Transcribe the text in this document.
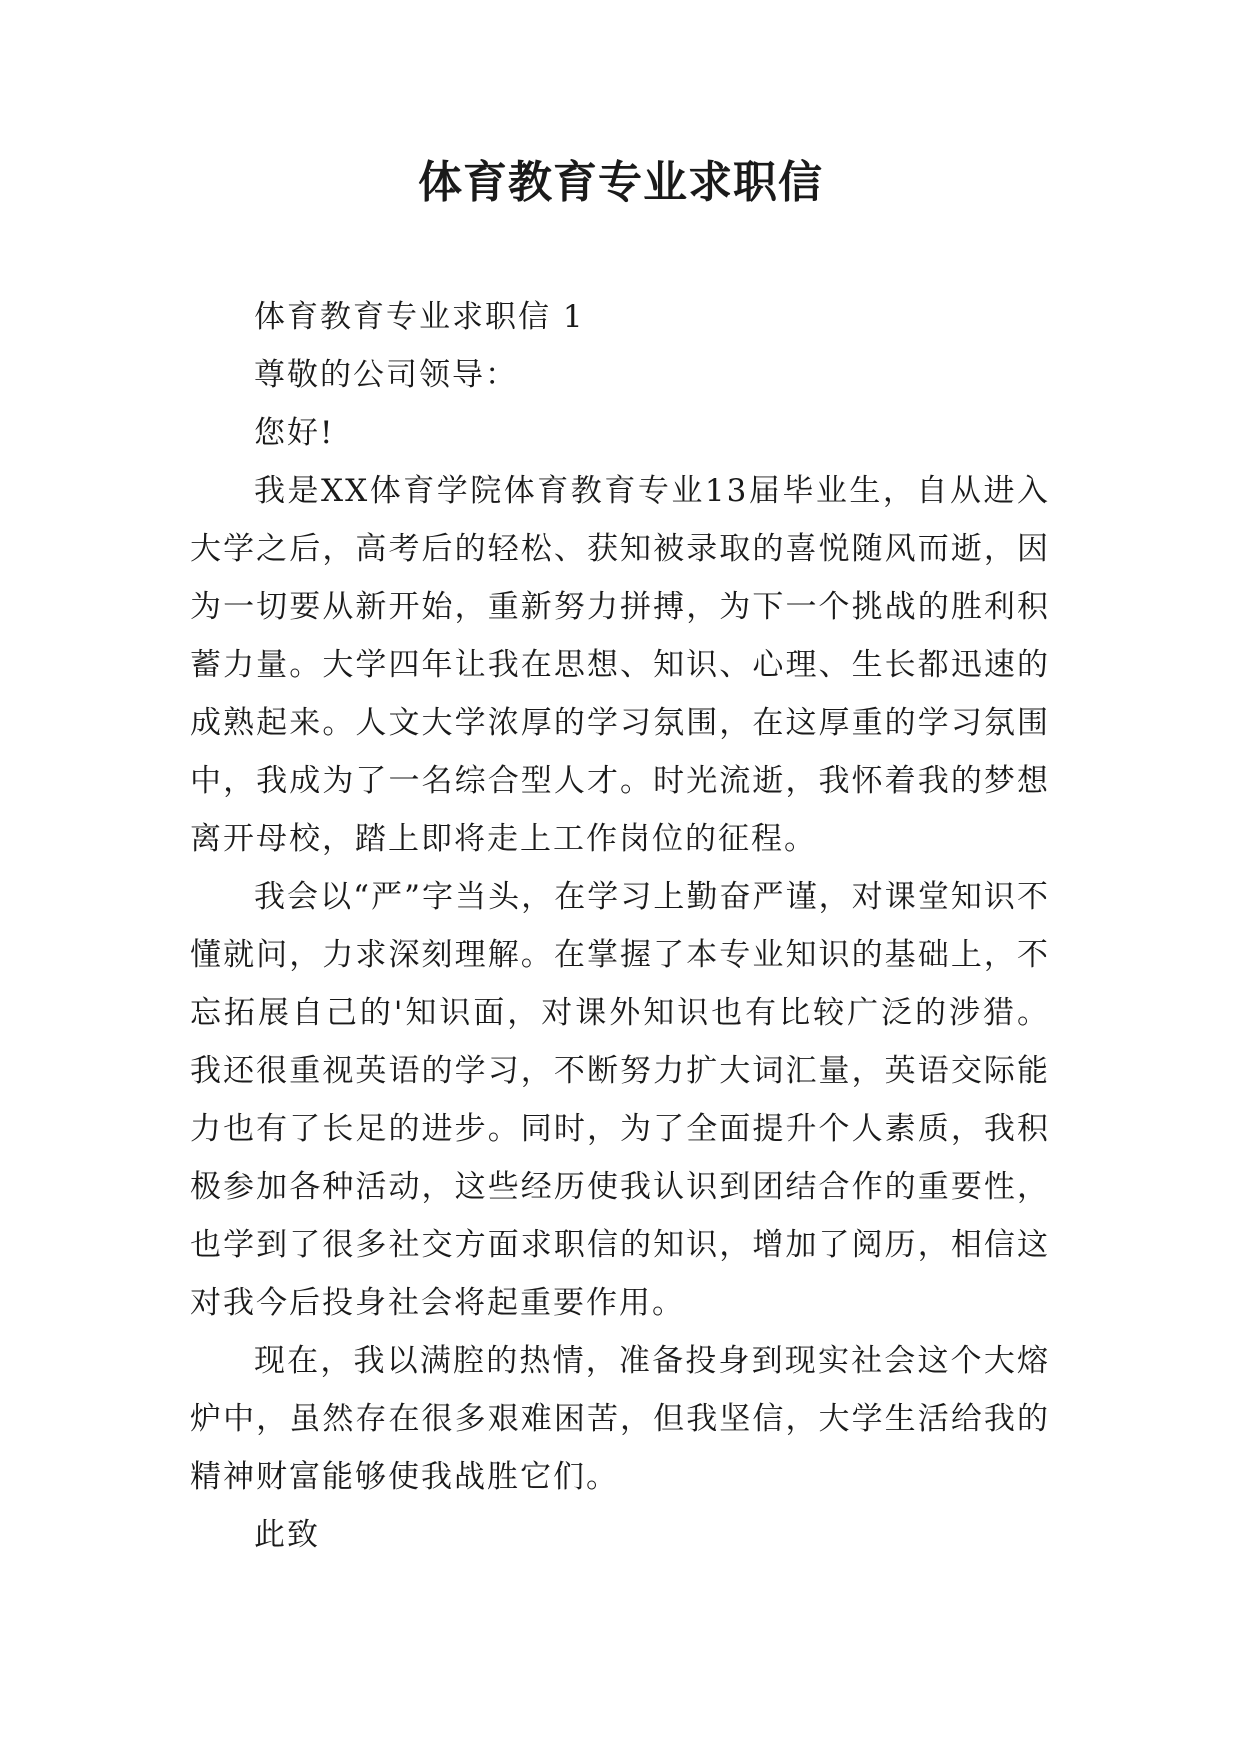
体育教育专业求职信

体育教育专业求职信 1

尊敬的公司领导：

您好!

我是XX体育学院体育教育专业13届毕业生，自从进入大学之后，高考后的轻松、获知被录取的喜悦随风而逝，因为一切要从新开始，重新努力拼搏，为下一个挑战的胜利积蓄力量。大学四年让我在思想、知识、心理、生长都迅速的成熟起来。人文大学浓厚的学习氛围，在这厚重的学习氛围中，我成为了一名综合型人才。时光流逝，我怀着我的梦想离开母校，踏上即将走上工作岗位的征程。

我会以“严”字当头，在学习上勤奋严谨，对课堂知识不懂就问，力求深刻理解。在掌握了本专业知识的基础上，不忘拓展自己的'知识面，对课外知识也有比较广泛的涉猎。我还很重视英语的学习，不断努力扩大词汇量，英语交际能力也有了长足的进步。同时，为了全面提升个人素质，我积极参加各种活动，这些经历使我认识到团结合作的重要性，也学到了很多社交方面求职信的知识，增加了阅历，相信这对我今后投身社会将起重要作用。

现在，我以满腔的热情，准备投身到现实社会这个大熔炉中，虽然存在很多艰难困苦，但我坚信，大学生活给我的精神财富能够使我战胜它们。

此致
